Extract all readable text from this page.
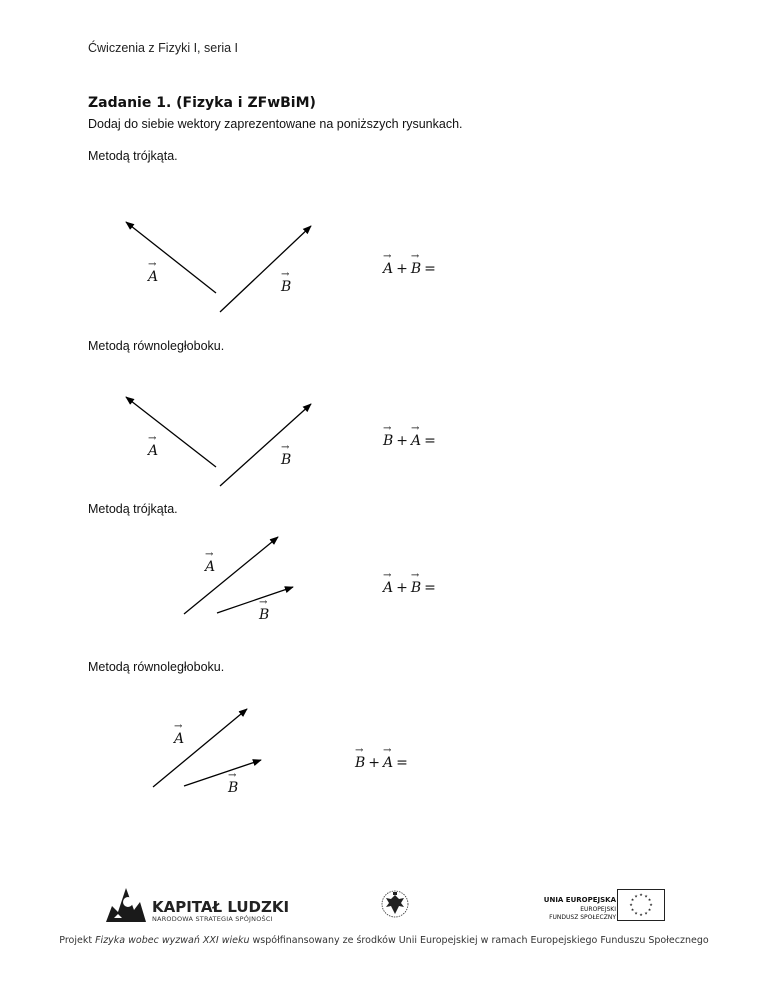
Ćwiczenia z Fizyki I, seria I
Zadanie 1. (Fizyka i ZFwBiM)
Dodaj do siebie wektory zaprezentowane na poniższych rysunkach.
Metodą trójkąta.
Metodą równoległoboku.
Metodą trójkąta.
Metodą równoległoboku.
→ A
→ B
→ A
→ B
→ A
→ B
→ A
→ B
→ A + → B =
→ B + → A =
→ A + → B =
→ B + → A =
KAPITAŁ LUDZKI
NARODOWA STRATEGIA SPÓJNOŚCI
UNIA EUROPEJSKA
EUROPEJSKI
FUNDUSZ SPOŁECZNY
★ ★
★
★
★
★
★
★
★
★
★
★
Projekt Fizyka wobec wyzwań XXI wieku współfinansowany ze środków Unii Europejskiej w ramach Europejskiego Funduszu Społecznego
